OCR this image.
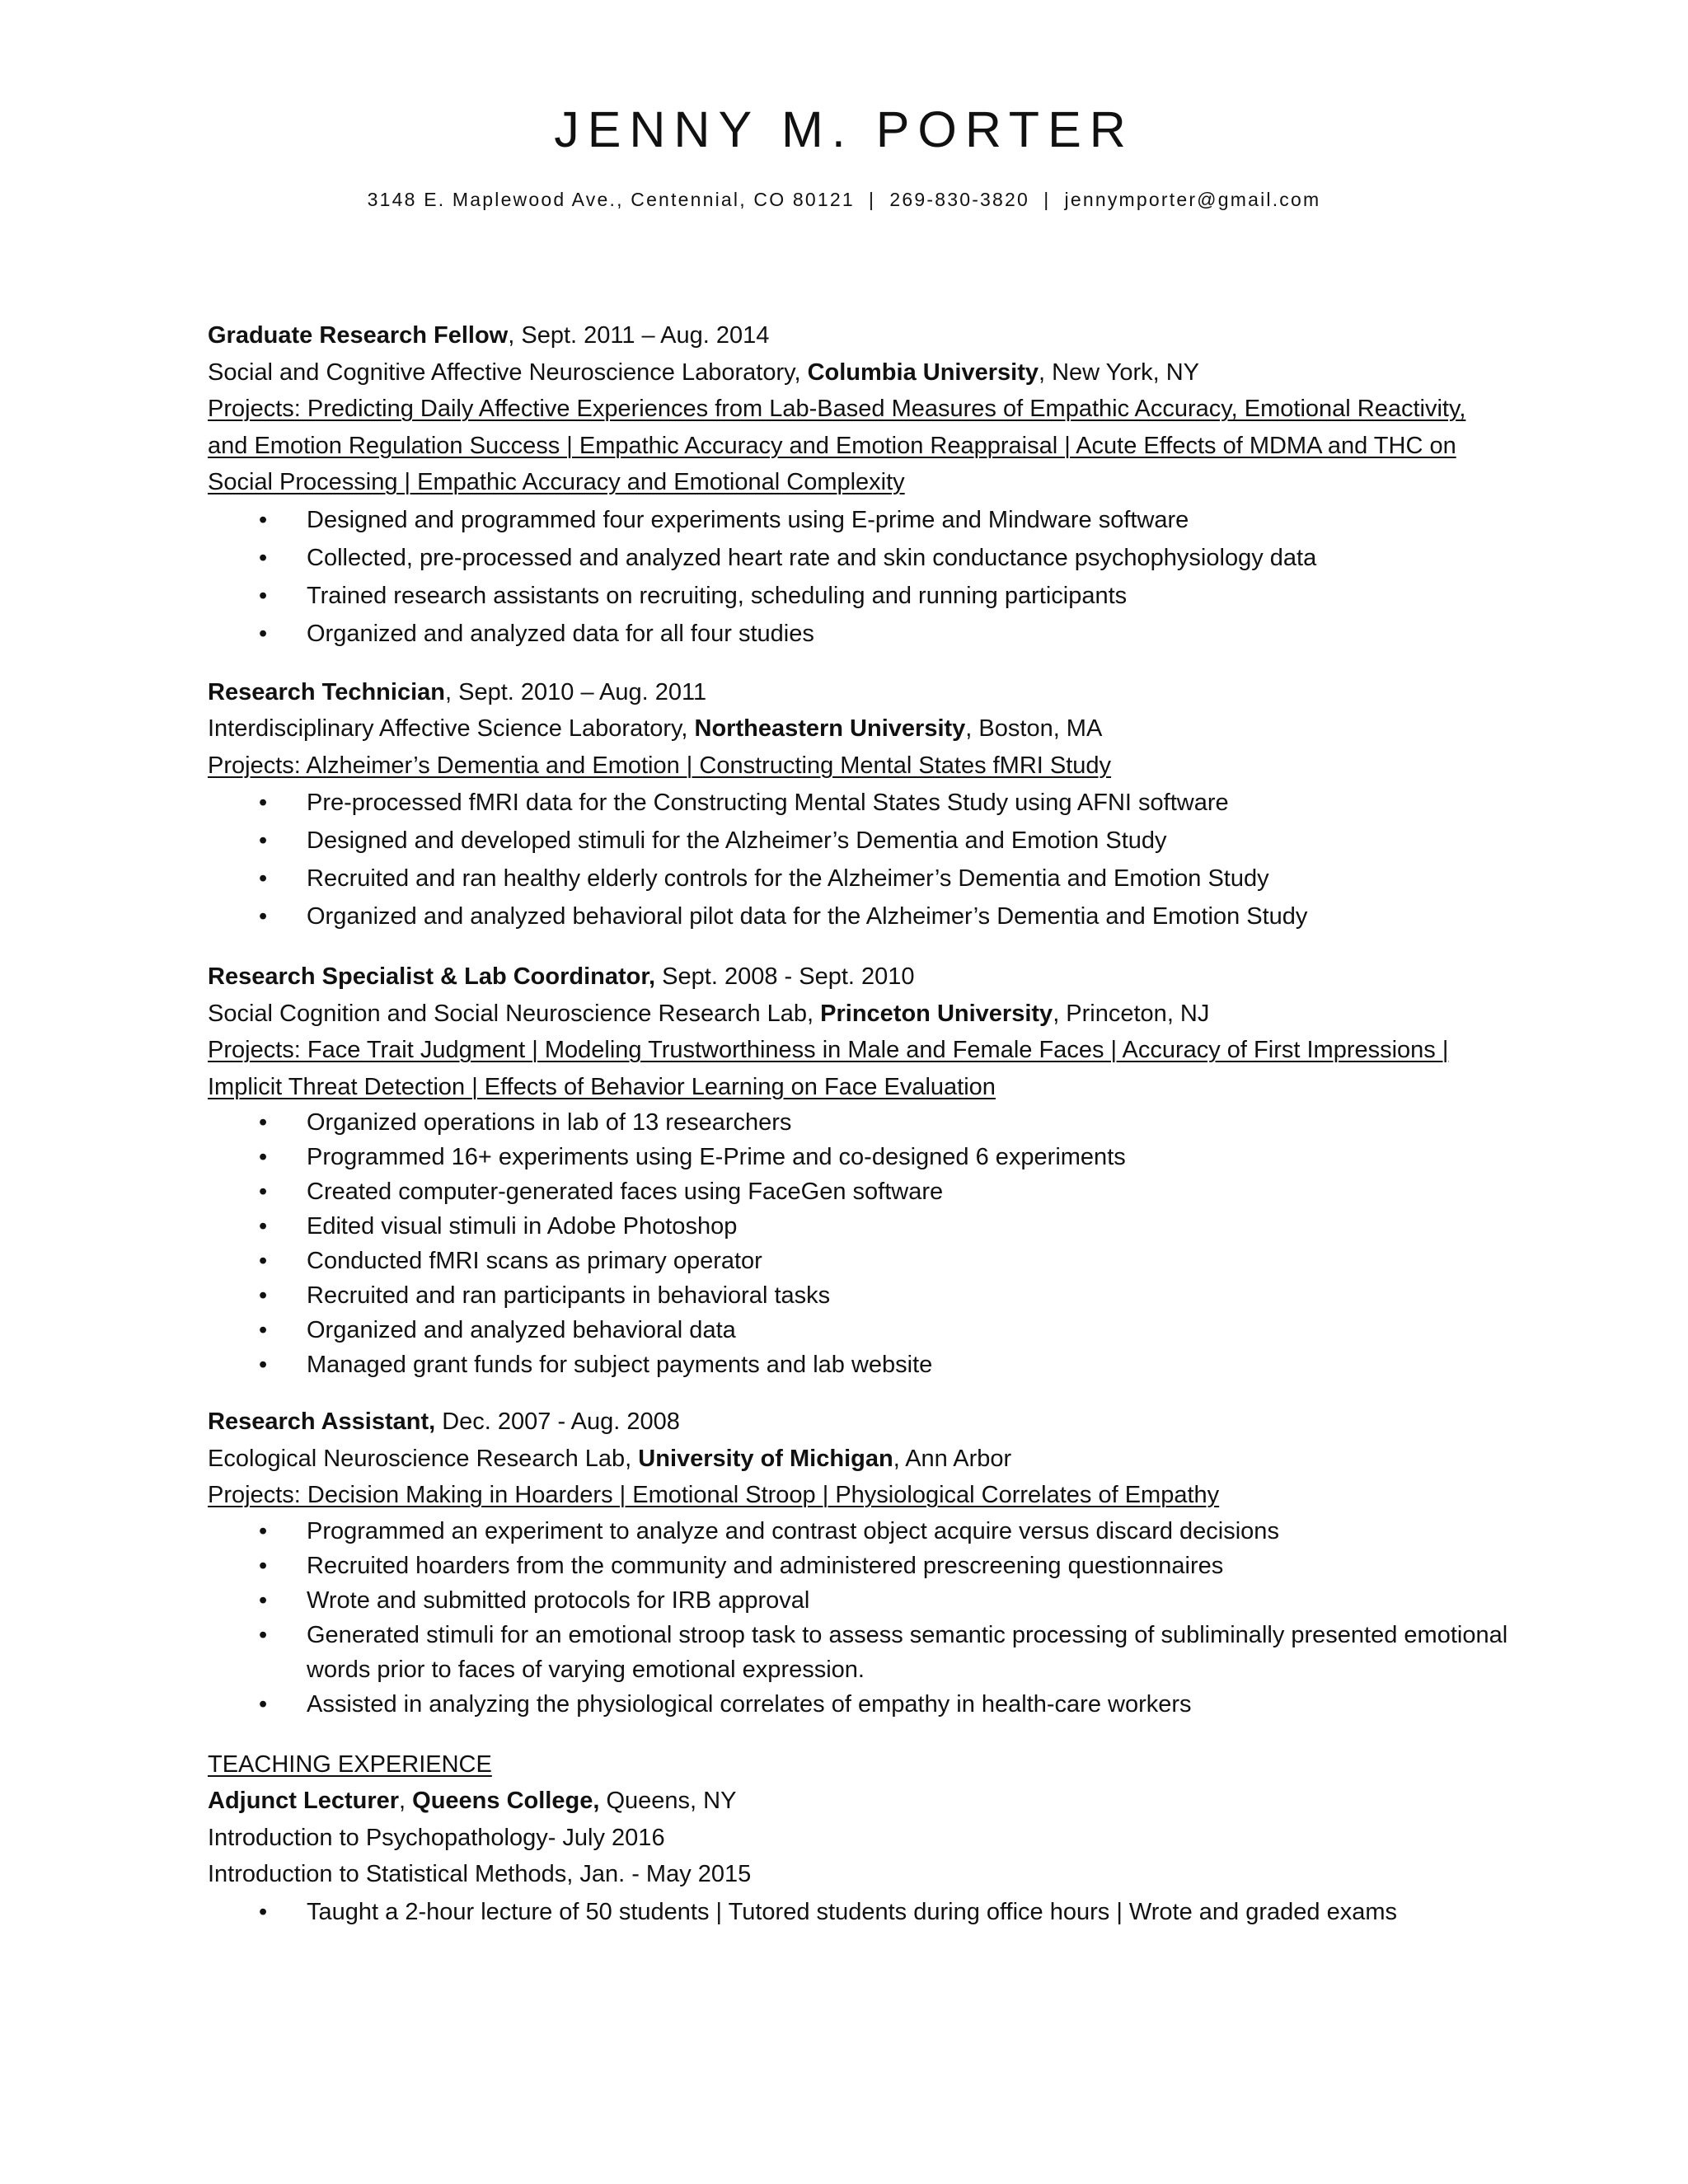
JENNY M. PORTER
3148 E. Maplewood Ave., Centennial, CO 80121  |  269-830-3820  |  jennymporter@gmail.com
Graduate Research Fellow, Sept. 2011 – Aug. 2014
Social and Cognitive Affective Neuroscience Laboratory, Columbia University, New York, NY
Projects: Predicting Daily Affective Experiences from Lab-Based Measures of Empathic Accuracy, Emotional Reactivity,
and Emotion Regulation Success | Empathic Accuracy and Emotion Reappraisal | Acute Effects of MDMA and THC on
Social Processing | Empathic Accuracy and Emotional Complexity
• Designed and programmed four experiments using E-prime and Mindware software
• Collected, pre-processed and analyzed heart rate and skin conductance psychophysiology data
• Trained research assistants on recruiting, scheduling and running participants
• Organized and analyzed data for all four studies
Research Technician, Sept. 2010 – Aug. 2011
Interdisciplinary Affective Science Laboratory, Northeastern University, Boston, MA
Projects: Alzheimer’s Dementia and Emotion | Constructing Mental States fMRI Study
• Pre-processed fMRI data for the Constructing Mental States Study using AFNI software
• Designed and developed stimuli for the Alzheimer’s Dementia and Emotion Study
• Recruited and ran healthy elderly controls for the Alzheimer’s Dementia and Emotion Study
• Organized and analyzed behavioral pilot data for the Alzheimer’s Dementia and Emotion Study
Research Specialist & Lab Coordinator, Sept. 2008 - Sept. 2010
Social Cognition and Social Neuroscience Research Lab, Princeton University, Princeton, NJ
Projects: Face Trait Judgment | Modeling Trustworthiness in Male and Female Faces | Accuracy of First Impressions |
Implicit Threat Detection | Effects of Behavior Learning on Face Evaluation
• Organized operations in lab of 13 researchers
• Programmed 16+ experiments using E-Prime and co-designed 6 experiments
• Created computer-generated faces using FaceGen software
• Edited visual stimuli in Adobe Photoshop
• Conducted fMRI scans as primary operator
• Recruited and ran participants in behavioral tasks
• Organized and analyzed behavioral data
• Managed grant funds for subject payments and lab website
Research Assistant, Dec. 2007 - Aug. 2008
Ecological Neuroscience Research Lab, University of Michigan, Ann Arbor
Projects: Decision Making in Hoarders | Emotional Stroop | Physiological Correlates of Empathy
• Programmed an experiment to analyze and contrast object acquire versus discard decisions
• Recruited hoarders from the community and administered prescreening questionnaires
• Wrote and submitted protocols for IRB approval
• Generated stimuli for an emotional stroop task to assess semantic processing of subliminally presented emotional words prior to faces of varying emotional expression.
• Assisted in analyzing the physiological correlates of empathy in health-care workers
TEACHING EXPERIENCE
Adjunct Lecturer, Queens College, Queens, NY
Introduction to Psychopathology- July 2016
Introduction to Statistical Methods, Jan. - May 2015
• Taught a 2-hour lecture of 50 students | Tutored students during office hours | Wrote and graded exams
